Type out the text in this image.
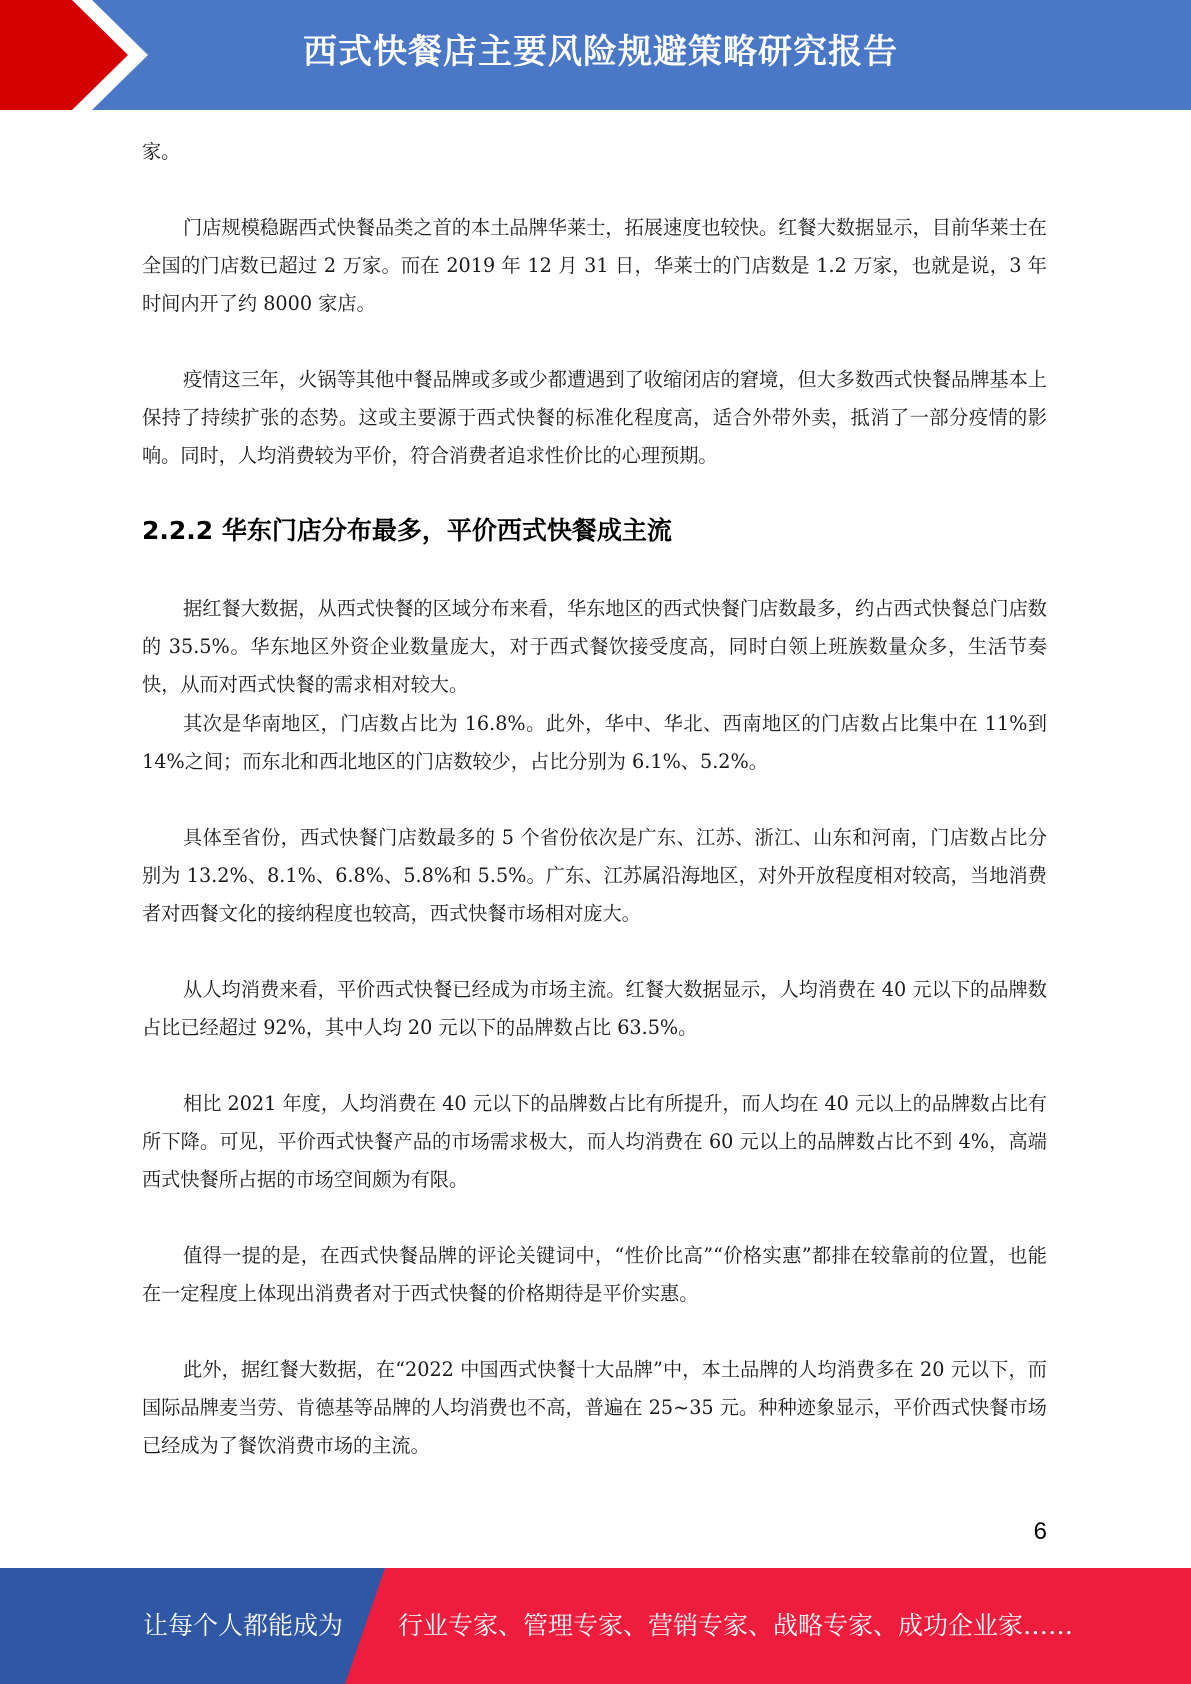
西式快餐店主要风险规避策略研究报告

家。

门店规模稳踞西式快餐品类之首的本土品牌华莱士，拓展速度也较快。红餐大数据显示，目前华莱士在全国的门店数已超过 2 万家。而在 2019 年 12 月 31 日，华莱士的门店数是 1.2 万家，也就是说，3 年时间内开了约 8000 家店。

疫情这三年，火锅等其他中餐品牌或多或少都遭遇到了收缩闭店的窘境，但大多数西式快餐品牌基本上保持了持续扩张的态势。这或主要源于西式快餐的标准化程度高，适合外带外卖，抵消了一部分疫情的影响。同时，人均消费较为平价，符合消费者追求性价比的心理预期。

2.2.2 华东门店分布最多，平价西式快餐成主流

据红餐大数据，从西式快餐的区域分布来看，华东地区的西式快餐门店数最多，约占西式快餐总门店数的 35.5%。华东地区外资企业数量庞大，对于西式餐饮接受度高，同时白领上班族数量众多，生活节奏快，从而对西式快餐的需求相对较大。

其次是华南地区，门店数占比为 16.8%。此外，华中、华北、西南地区的门店数占比集中在 11%到 14%之间；而东北和西北地区的门店数较少，占比分别为 6.1%、5.2%。

具体至省份，西式快餐门店数最多的 5 个省份依次是广东、江苏、浙江、山东和河南，门店数占比分别为 13.2%、8.1%、6.8%、5.8%和 5.5%。广东、江苏属沿海地区，对外开放程度相对较高，当地消费者对西餐文化的接纳程度也较高，西式快餐市场相对庞大。

从人均消费来看，平价西式快餐已经成为市场主流。红餐大数据显示，人均消费在 40 元以下的品牌数占比已经超过 92%，其中人均 20 元以下的品牌数占比 63.5%。

相比 2021 年度，人均消费在 40 元以下的品牌数占比有所提升，而人均在 40 元以上的品牌数占比有所下降。可见，平价西式快餐产品的市场需求极大，而人均消费在 60 元以上的品牌数占比不到 4%，高端西式快餐所占据的市场空间颇为有限。

值得一提的是，在西式快餐品牌的评论关键词中，“性价比高”“价格实惠”都排在较靠前的位置，也能在一定程度上体现出消费者对于西式快餐的价格期待是平价实惠。

此外，据红餐大数据，在“2022 中国西式快餐十大品牌”中，本土品牌的人均消费多在 20 元以下，而国际品牌麦当劳、肯德基等品牌的人均消费也不高，普遍在 25~35 元。种种迹象显示，平价西式快餐市场已经成为了餐饮消费市场的主流。

6
让每个人都能成为 行业专家、管理专家、营销专家、战略专家、成功企业家……
